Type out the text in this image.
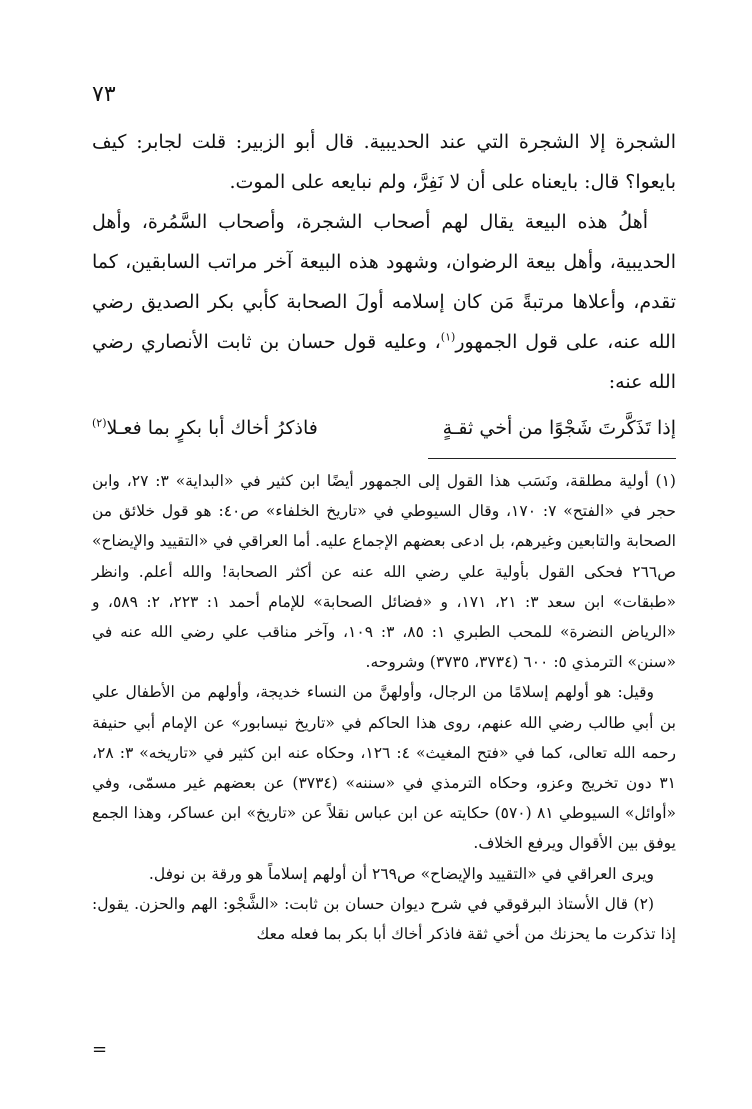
٧٣

الشجرة إلا الشجرة التي عند الحديبية. قال أبو الزبير: قلت لجابر: كيف بايعوا؟ قال: بايعناه على أن لا نَفِرَّ، ولم نبايعه على الموت.

أهلُ هذه البيعة يقال لهم أصحاب الشجرة، وأصحاب السَّمُرة، وأهل الحديبية، وأهل بيعة الرضوان، وشهود هذه البيعة آخر مراتب السابقين، كما تقدم، وأعلاها مرتبةً مَن كان إسلامه أولَ الصحابة كأبي بكر الصديق رضي الله عنه، على قول الجمهور$^{(١)}$، وعليه قول حسان بن ثابت الأنصاري رضي الله عنه:

إذا تَذَكَّرتَ شَجْوًا من أخي ثقـةٍ
فاذكرُ أخاك أبا بكرٍ بما فعـلا$^{(٢)}$

(١) أولية مطلقة، ونَسَب هذا القول إلى الجمهور أيضًا ابن كثير في «البداية» ٣: ٢٧، وابن حجر في «الفتح» ٧: ١٧٠، وقال السيوطي في «تاريخ الخلفاء» ص٤٠: هو قول خلائق من الصحابة والتابعين وغيرهم، بل ادعى بعضهم الإجماع عليه. أما العراقي في «التقييد والإيضاح» ص٢٦٦ فحكى القول بأولية علي رضي الله عنه عن أكثر الصحابة! والله أعلم. وانظر «طبقات» ابن سعد ٣: ٢١، ١٧١، و «فضائل الصحابة» للإمام أحمد ١: ٢٢٣، ٢: ٥٨٩، و «الرياض النضرة» للمحب الطبري ١: ٨٥، ٣: ١٠٩، وآخر مناقب علي رضي الله عنه في «سنن» الترمذي ٥: ٦٠٠ (٣٧٣٤، ٣٧٣٥) وشروحه.

وقيل: هو أولهم إسلامًا من الرجال، وأولهنَّ من النساء خديجة، وأولهم من الأطفال علي بن أبي طالب رضي الله عنهم، روى هذا الحاكم في «تاريخ نيسابور» عن الإمام أبي حنيفة رحمه الله تعالى، كما في «فتح المغيث» ٤: ١٢٦، وحكاه عنه ابن كثير في «تاريخه» ٣: ٢٨، ٣١ دون تخريج وعزو، وحكاه الترمذي في «سننه» (٣٧٣٤) عن بعضهم غير مسمّى، وفي «أوائل» السيوطي ٨١ (٥٧٠) حكايته عن ابن عباس نقلاً عن «تاريخ» ابن عساكر، وهذا الجمع يوفق بين الأقوال ويرفع الخلاف.

ويرى العراقي في «التقييد والإيضاح» ص٢٦٩ أن أولهم إسلاماً هو ورقة بن نوفل.

(٢) قال الأستاذ البرقوقي في شرح ديوان حسان بن ثابت: «الشَّجْو: الهم والحزن. يقول: إذا تذكرت ما يحزنك من أخي ثقة فاذكر أخاك أبا بكر بما فعله معك

=
